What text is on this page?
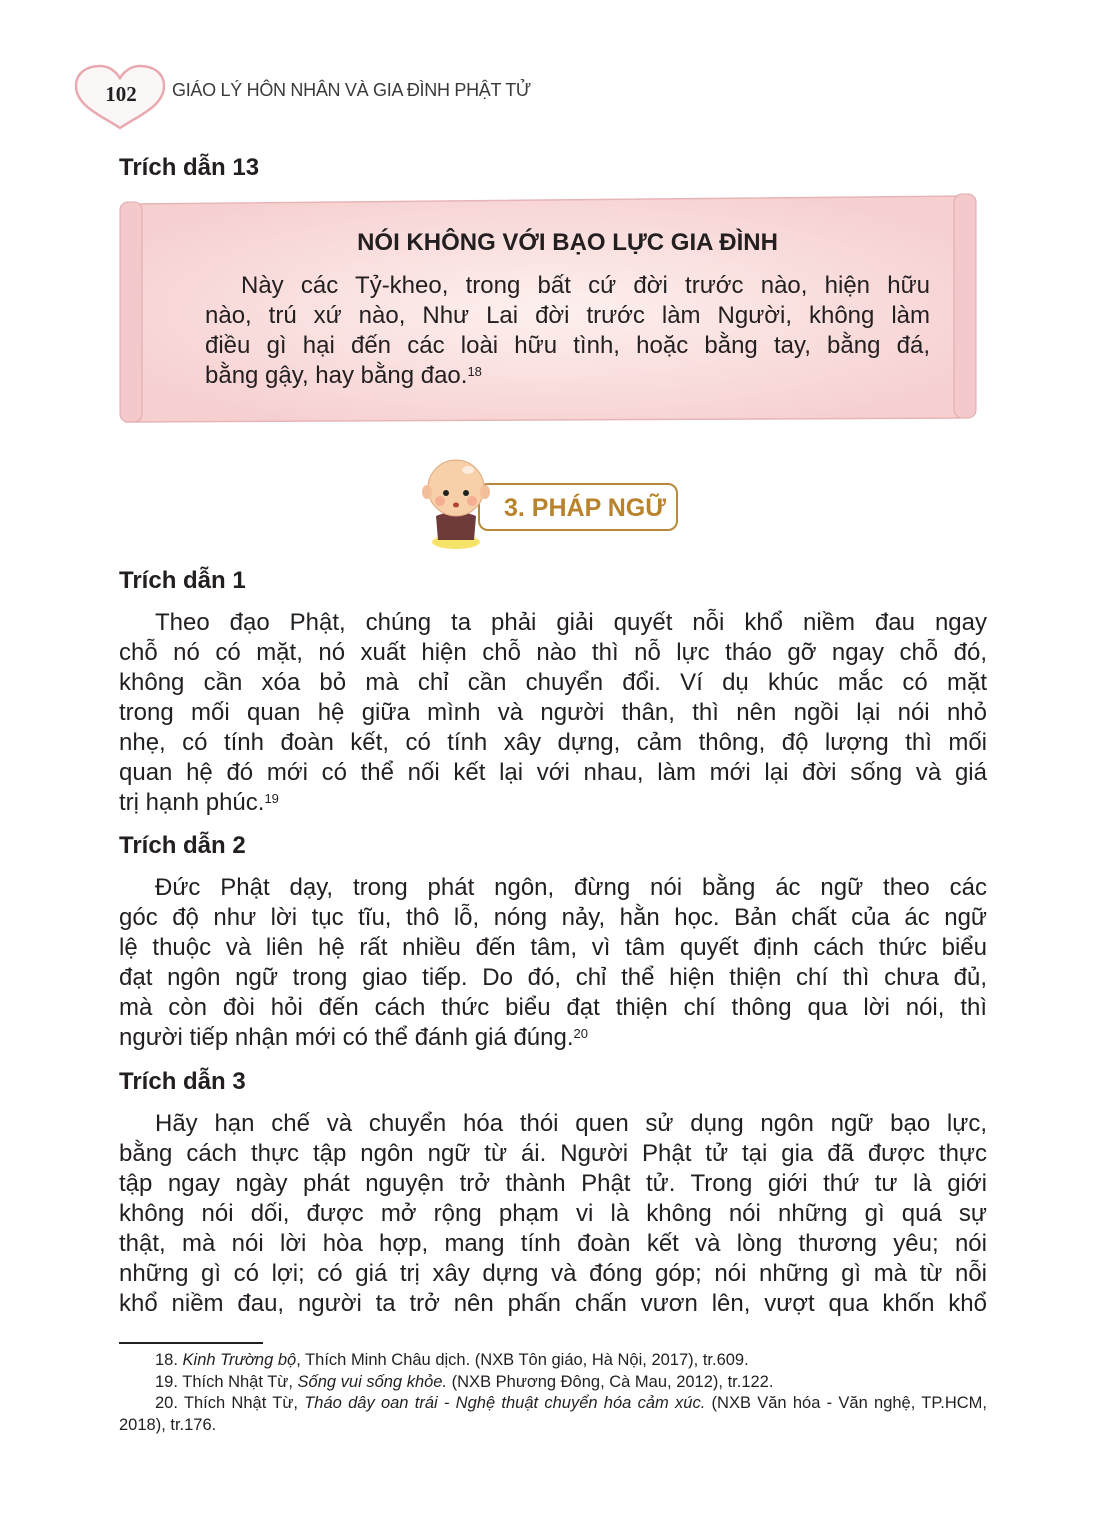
102	GIÁO LÝ HÔN NHÂN VÀ GIA ĐÌNH PHẬT TỬ
Trích dẫn 13
NÓI KHÔNG VỚI BẠO LỰC GIA ĐÌNH
Này các Tỷ-kheo, trong bất cứ đời trước nào, hiện hữu
nào, trú xứ nào, Như Lai đời trước làm Người, không làm
điều gì hại đến các loài hữu tình, hoặc bằng tay, bằng đá,
bằng gậy, hay bằng đao.$^{18}$
3. PHÁP NGỮ
Trích dẫn 1
Theo đạo Phật, chúng ta phải giải quyết nỗi khổ niềm đau ngay
chỗ nó có mặt, nó xuất hiện chỗ nào thì nỗ lực tháo gỡ ngay chỗ đó,
không cần xóa bỏ mà chỉ cần chuyển đổi. Ví dụ khúc mắc có mặt
trong mối quan hệ giữa mình và người thân, thì nên ngồi lại nói nhỏ
nhẹ, có tính đoàn kết, có tính xây dựng, cảm thông, độ lượng thì mối
quan hệ đó mới có thể nối kết lại với nhau, làm mới lại đời sống và giá
trị hạnh phúc.$^{19}$
Trích dẫn 2
Đức Phật dạy, trong phát ngôn, đừng nói bằng ác ngữ theo các
góc độ như lời tục tĩu, thô lỗ, nóng nảy, hằn học. Bản chất của ác ngữ
lệ thuộc và liên hệ rất nhiều đến tâm, vì tâm quyết định cách thức biểu
đạt ngôn ngữ trong giao tiếp. Do đó, chỉ thể hiện thiện chí thì chưa đủ,
mà còn đòi hỏi đến cách thức biểu đạt thiện chí thông qua lời nói, thì
người tiếp nhận mới có thể đánh giá đúng.$^{20}$
Trích dẫn 3
Hãy hạn chế và chuyển hóa thói quen sử dụng ngôn ngữ bạo lực,
bằng cách thực tập ngôn ngữ từ ái. Người Phật tử tại gia đã được thực
tập ngay ngày phát nguyện trở thành Phật tử. Trong giới thứ tư là giới
không nói dối, được mở rộng phạm vi là không nói những gì quá sự
thật, mà nói lời hòa hợp, mang tính đoàn kết và lòng thương yêu; nói
những gì có lợi; có giá trị xây dựng và đóng góp; nói những gì mà từ nỗi
khổ niềm đau, người ta trở nên phấn chấn vươn lên, vượt qua khốn khổ
18. Kinh Trường bộ, Thích Minh Châu dịch. (NXB Tôn giáo, Hà Nội, 2017), tr.609.
19. Thích Nhật Từ, Sống vui sống khỏe. (NXB Phương Đông, Cà Mau, 2012), tr.122.
20. Thích Nhật Từ, Tháo dây oan trái - Nghệ thuật chuyển hóa cảm xúc. (NXB Văn hóa - Văn nghệ, TP.HCM, 2018), tr.176.
